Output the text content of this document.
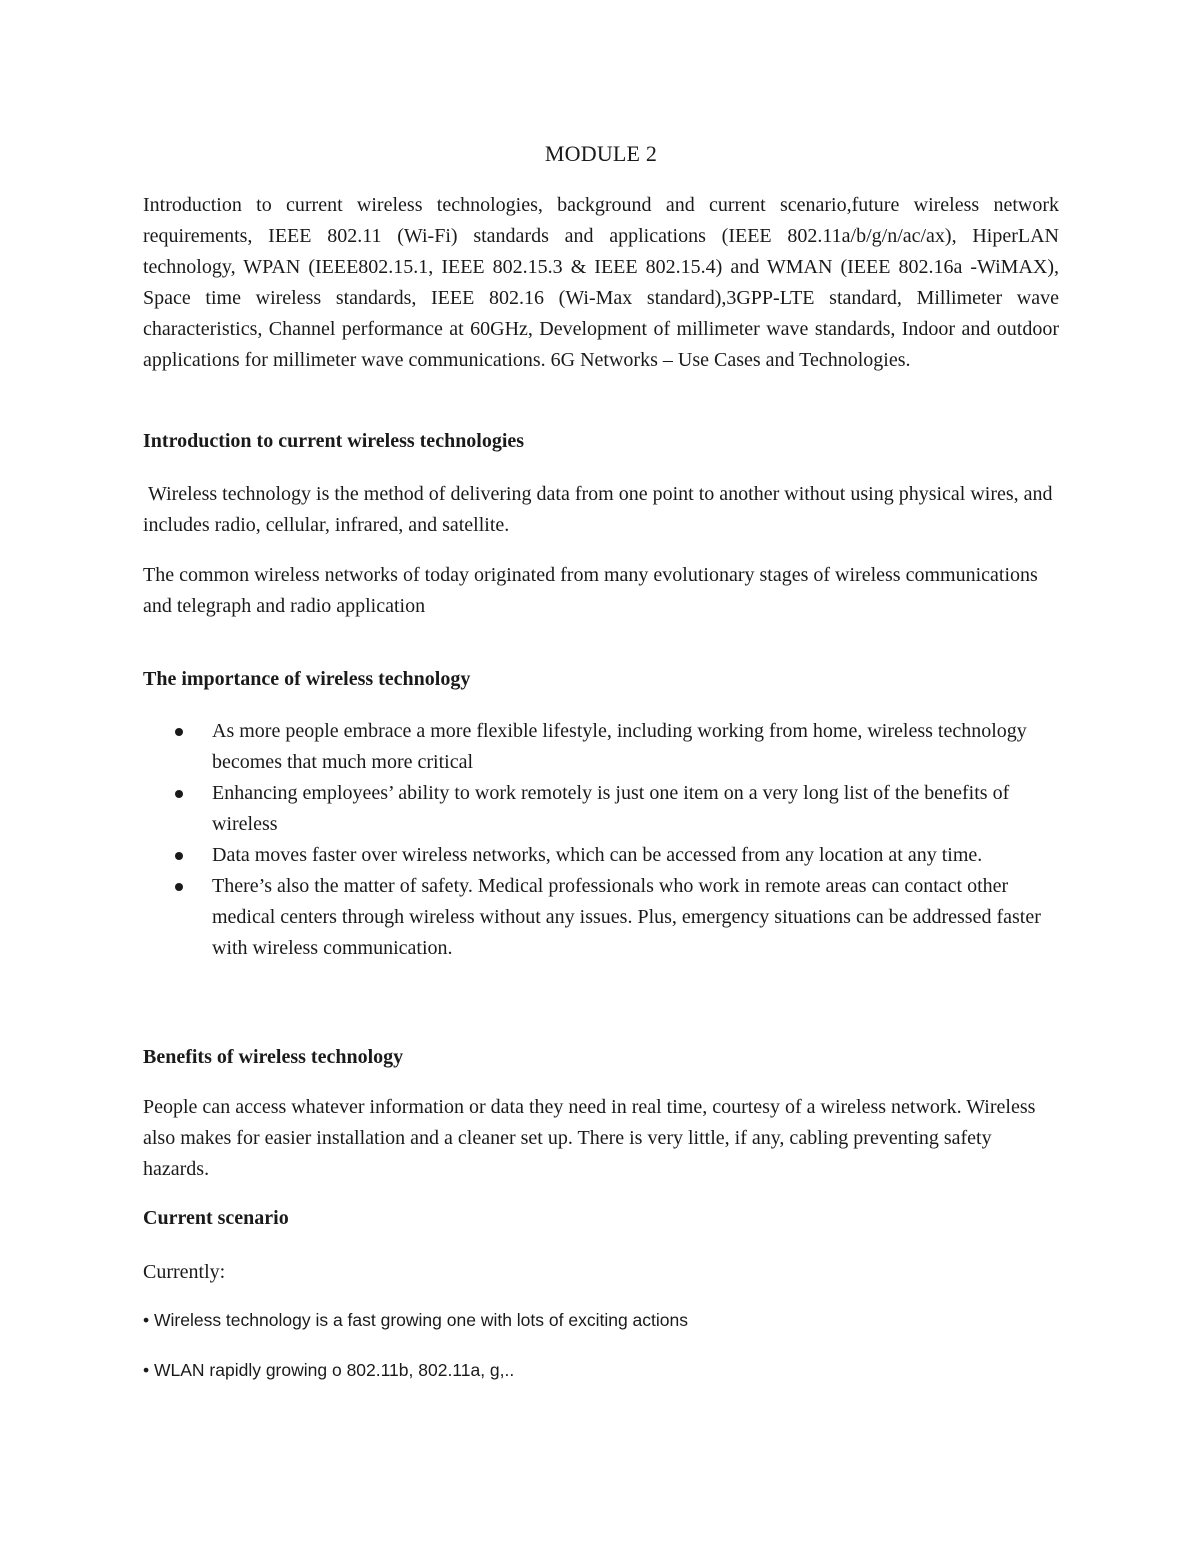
MODULE 2

Introduction to current wireless technologies, background and current scenario,future wireless network requirements, IEEE 802.11 (Wi-Fi) standards and applications (IEEE 802.11a/b/g/n/ac/ax), HiperLAN technology, WPAN (IEEE802.15.1, IEEE 802.15.3 & IEEE 802.15.4) and WMAN (IEEE 802.16a -WiMAX), Space time wireless standards, IEEE 802.16 (Wi-Max standard),3GPP-LTE standard, Millimeter wave characteristics, Channel performance at 60GHz, Development of millimeter wave standards, Indoor and outdoor applications for millimeter wave communications. 6G Networks – Use Cases and Technologies.

Introduction to current wireless technologies

Wireless technology is the method of delivering data from one point to another without using physical wires, and includes radio, cellular, infrared, and satellite.

The common wireless networks of today originated from many evolutionary stages of wireless communications and telegraph and radio application

The importance of wireless technology
As more people embrace a more flexible lifestyle, including working from home, wireless technology becomes that much more critical
Enhancing employees’ ability to work remotely is just one item on a very long list of the benefits of wireless
Data moves faster over wireless networks, which can be accessed from any location at any time.
There’s also the matter of safety. Medical professionals who work in remote areas can contact other medical centers through wireless without any issues. Plus, emergency situations can be addressed faster with wireless communication.
Benefits of wireless technology

People can access whatever information or data they need in real time, courtesy of a wireless network. Wireless also makes for easier installation and a cleaner set up. There is very little, if any, cabling preventing safety hazards.

Current scenario

Currently:

• Wireless technology is a fast growing one with lots of exciting actions

• WLAN rapidly growing o 802.11b, 802.11a, g,..
